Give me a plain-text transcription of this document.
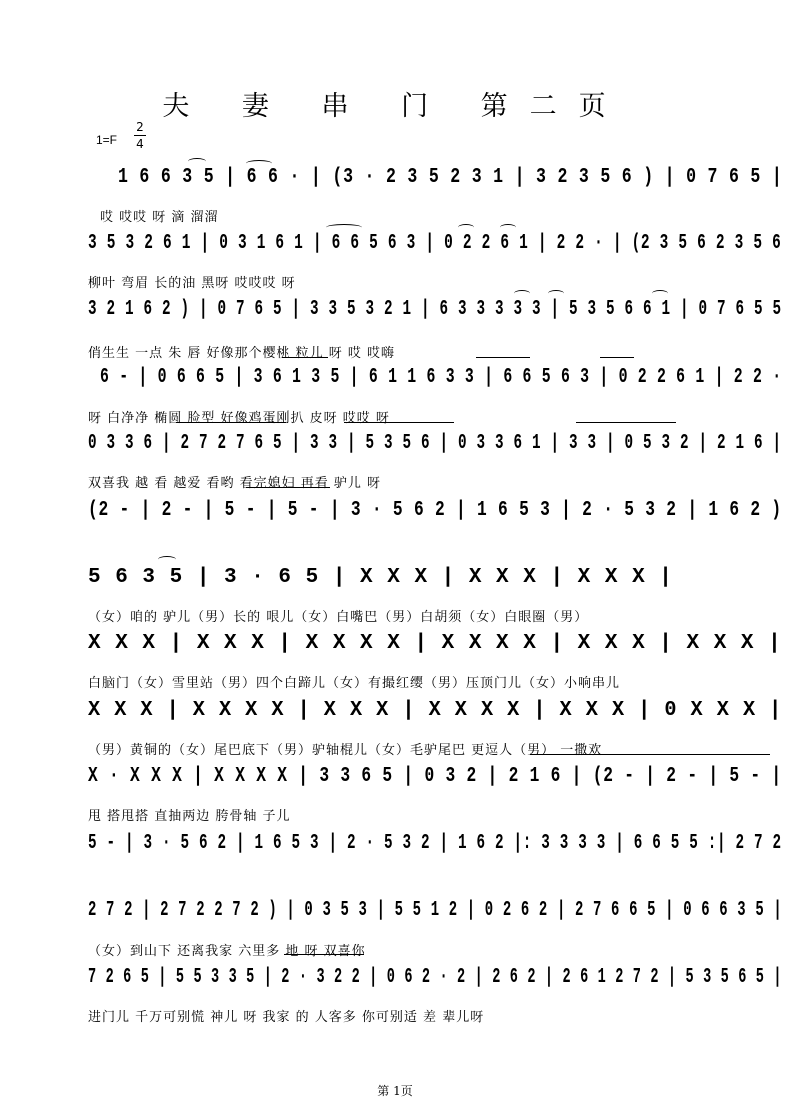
夫 妻 串 门 第二页
1=F
2
4
1 6 6 3 5 | 6 6 · | (3 · 2 3 5 2 3 1 | 3 2 3 5 6 ) | 0 7 6 5 |
哎 哎哎 呀 滴 溜溜
3 5 3 2 6 1 | 0 3 1 6 1 | 6 6 5 6 3 | 0 2 2 6 1 | 2 2 · | (2 3 5 6 2 3 5 6
柳叶 弯眉 长的油 黑呀 哎哎哎 呀
3 2 1 6 2 ) | 0 7 6 5 | 3 3 5 3 2 1 | 6 3 3 3 3 3 | 5 3 5 6 6 1 | 0 7 6 5 5
俏生生 一点 朱 唇 好像那个樱桃 粒儿 呀 哎 哎嗨
6 - | 0 6 6 5 | 3 6 1 3 5 | 6 1 1 6 3 3 | 6 6 5 6 3 | 0 2 2 6 1 | 2 2 ·
呀 白净净 椭圆 脸型 好像鸡蛋刚扒 皮呀 哎哎 呀
0 3 3 6 | 2 7 2 7 6 5 | 3 3 | 5 3 5 6 | 0 3 3 6 1 | 3 3 | 0 5 3 2 | 2 1 6 |
双喜我 越 看 越爱 看哟 看完媳妇 再看 驴儿 呀
(2 - | 2 - | 5 - | 5 - | 3 · 5 6 2 | 1 6 5 3 | 2 · 5 3 2 | 1 6 2 )
5 6 3 5 | 3 · 6 5 | X X X | X X X | X X X |
（女）咱的 驴儿（男）长的 哏儿（女）白嘴巴（男）白胡须（女）白眼圈（男）
X X X | X X X | X X X X | X X X X | X X X | X X X |
白脑门（女）雪里站（男）四个白蹄儿（女）有撮红缨（男）压顶门儿（女）小响串儿
X X X | X X X X | X X X | X X X X | X X X | 0 X X X |
（男）黄铜的（女）尾巴底下（男）驴轴棍儿（女）毛驴尾巴 更逗人（男） 一撒欢
X · X X X | X X X X | 3 3 6 5 | 0 3 2 | 2 1 6 | (2 - | 2 - | 5 - |
甩 搭甩搭 直抽两边 胯骨轴 子儿
5 - | 3 · 5 6 2 | 1 6 5 3 | 2 · 5 3 2 | 1 6 2 |: 3 3 3 3 | 6 6 5 5 :| 2 7 2
2 7 2 | 2 7 2 2 7 2 ) | 0 3 5 3 | 5 5 1 2 | 0 2 6 2 | 2 7 6 6 5 | 0 6 6 3 5 |
（女）到山下 还离我家 六里多 地 呀 双喜你
7 2 6 5 | 5 5 3 3 5 | 2 · 3 2 2 | 0 6 2 · 2 | 2 6 2 | 2 6 1 2 7 2 | 5 3 5 6 5 |
进门儿 千万可别慌 神儿 呀 我家 的 人客多 你可别适 差 辈儿呀
第 1页
